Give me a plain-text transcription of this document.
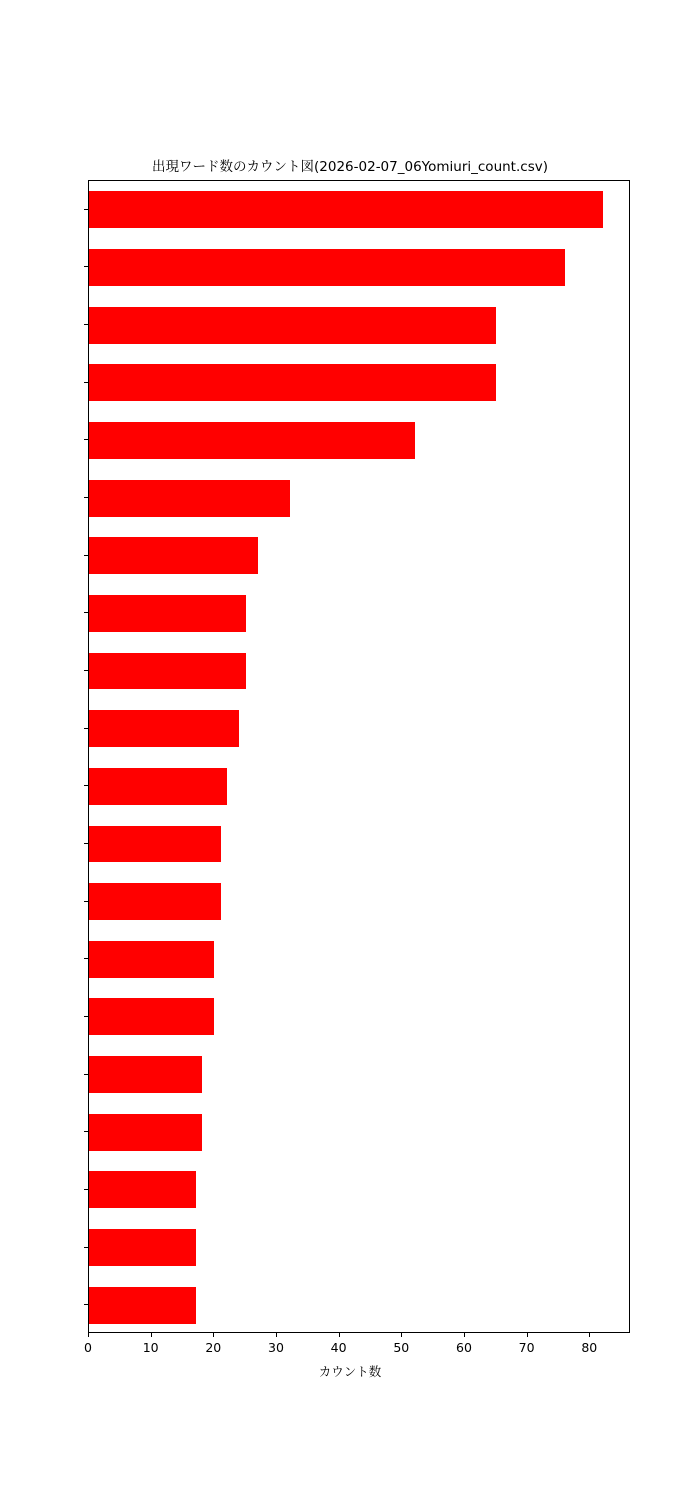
出現ワード数のカウント図(2026-02-07_06Yomiuri_count.csv)
0	10	20	30	40	50	60	70	80
カウント数
